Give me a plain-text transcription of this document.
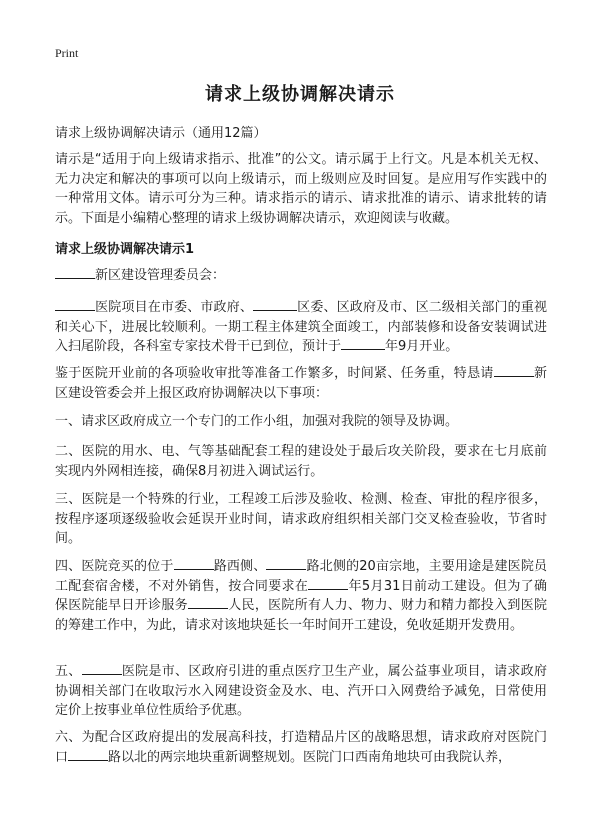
Print
请求上级协调解决请示
请求上级协调解决请示（通用12篇）

请示是“适用于向上级请求指示、批准”的公文。请示属于上行文。凡是本机关无权、无力决定和解决的事项可以向上级请示，而上级则应及时回复。是应用写作实践中的一种常用文体。请示可分为三种。请求指示的请示、请求批准的请示、请求批转的请示。下面是小编精心整理的请求上级协调解决请示，欢迎阅读与收藏。

请求上级协调解决请示1

新区建设管理委员会：

医院项目在市委、市政府、	区委、区政府及市、区二级相关部门的重视和关心下，进展比较顺利。一期工程主体建筑全面竣工，内部装修和设备安装调试进入扫尾阶段，各科室专家技术骨干已到位，预计于	年9月开业。

鉴于医院开业前的各项验收审批等准备工作繁多，时间紧、任务重，特恳请	新区建设管委会并上报区政府协调解决以下事项：

一、请求区政府成立一个专门的工作小组，加强对我院的领导及协调。

二、医院的用水、电、气等基础配套工程的建设处于最后攻关阶段，要求在七月底前实现内外网相连接，确保8月初进入调试运行。

三、医院是一个特殊的行业，工程竣工后涉及验收、检测、检查、审批的程序很多，按程序逐项逐级验收会延误开业时间，请求政府组织相关部门交叉检查验收，节省时间。

四、医院竞买的位于	路西侧、	路北侧的20亩宗地，主要用途是建医院员工配套宿舍楼，不对外销售，按合同要求在	年5月31日前动工建设。但为了确保医院能早日开诊服务	人民，医院所有人力、物力、财力和精力都投入到医院的筹建工作中，为此，请求对该地块延长一年时间开工建设，免收延期开发费用。

五、	医院是市、区政府引进的重点医疗卫生产业，属公益事业项目，请求政府协调相关部门在收取污水入网建设资金及水、电、汽开口入网费给予减免，日常使用定价上按事业单位性质给予优惠。

六、为配合区政府提出的发展高科技，打造精品片区的战略思想，请求政府对医院门口	路以北的两宗地块重新调整规划。医院门口西南角地块可由我院认养，
